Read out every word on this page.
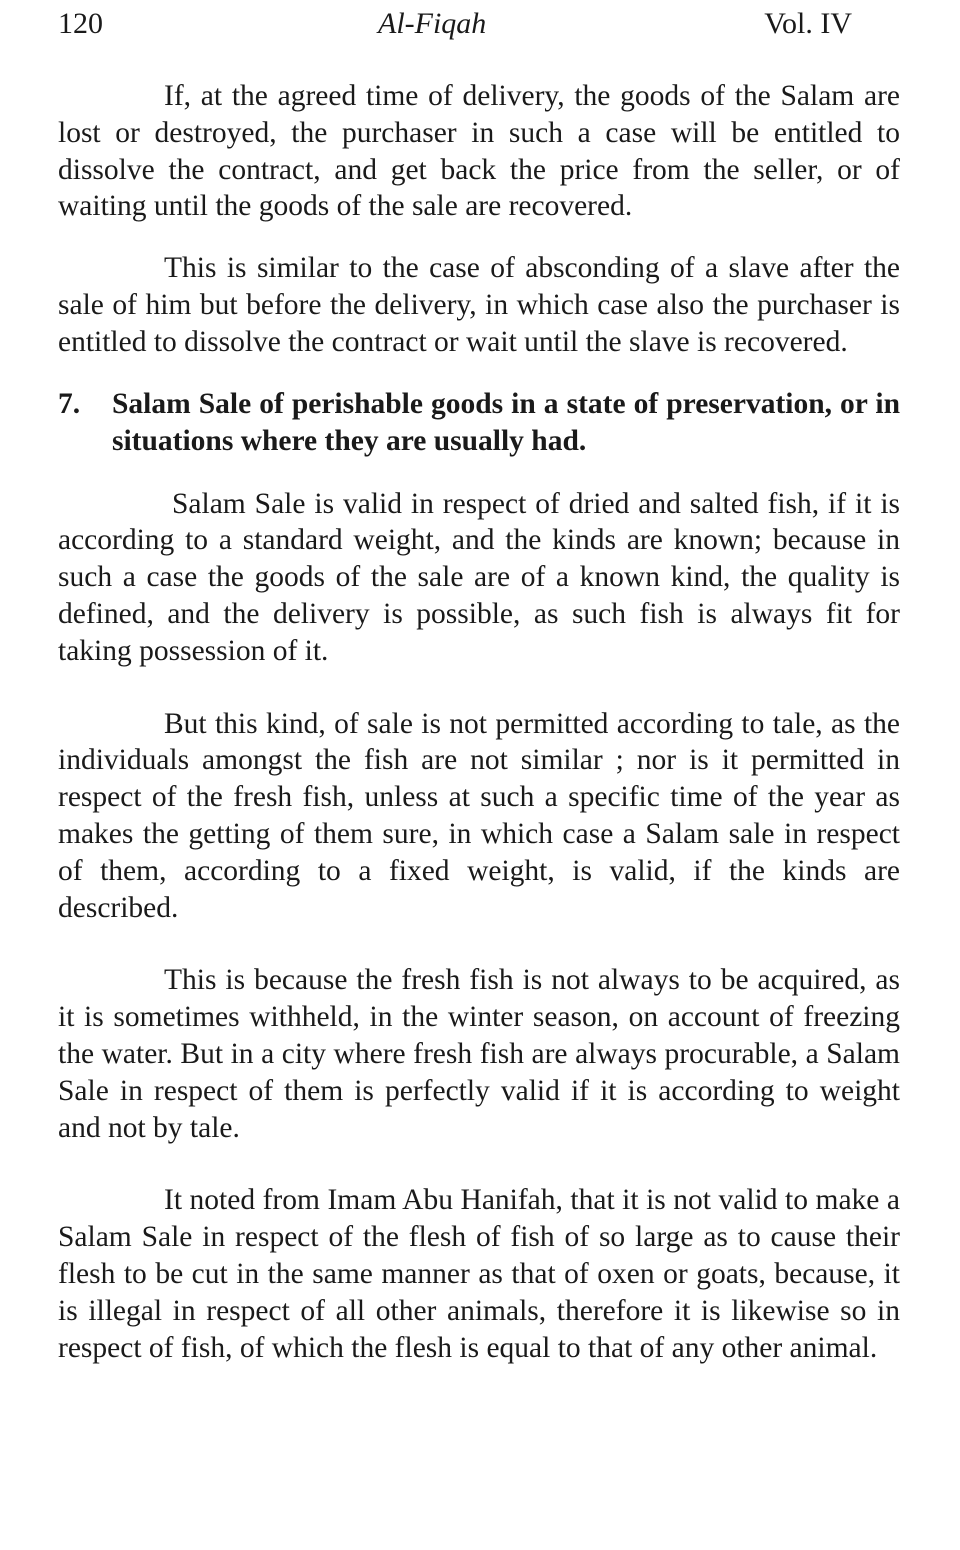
120	Al-Fiqah	Vol. IV

If, at the agreed time of delivery, the goods of the Salam are lost or destroyed, the purchaser in such a case will be entitled to dissolve the contract, and get back the price from the seller, or of waiting until the goods of the sale are recovered.

This is similar to the case of absconding of a slave after the sale of him but before the delivery, in which case also the purchaser is entitled to dissolve the contract or wait until the slave is recovered.

7.	Salam Sale of perishable goods in a state of preservation, or in situations where they are usually had.

Salam Sale is valid in respect of dried and salted fish, if it is according to a standard weight, and the kinds are known; because in such a case the goods of the sale are of a known kind, the quality is defined, and the delivery is possible, as such fish is always fit for taking possession of it.

But this kind, of sale is not permitted according to tale, as the individuals amongst the fish are not similar ; nor is it permitted in respect of the fresh fish, unless at such a specific time of the year as makes the getting of them sure, in which case a Salam sale in respect of them, according to a fixed weight, is valid, if the kinds are described.

This is because the fresh fish is not always to be acquired, as it is sometimes withheld, in the winter season, on account of freezing the water. But in a city where fresh fish are always procurable, a Salam Sale in respect of them is perfectly valid if it is according to weight and not by tale.

It noted from Imam Abu Hanifah, that it is not valid to make a Salam Sale in respect of the flesh of fish of so large as to cause their flesh to be cut in the same manner as that of oxen or goats, because, it is illegal in respect of all other animals, therefore it is likewise so in respect of fish, of which the flesh is equal to that of any other animal.
